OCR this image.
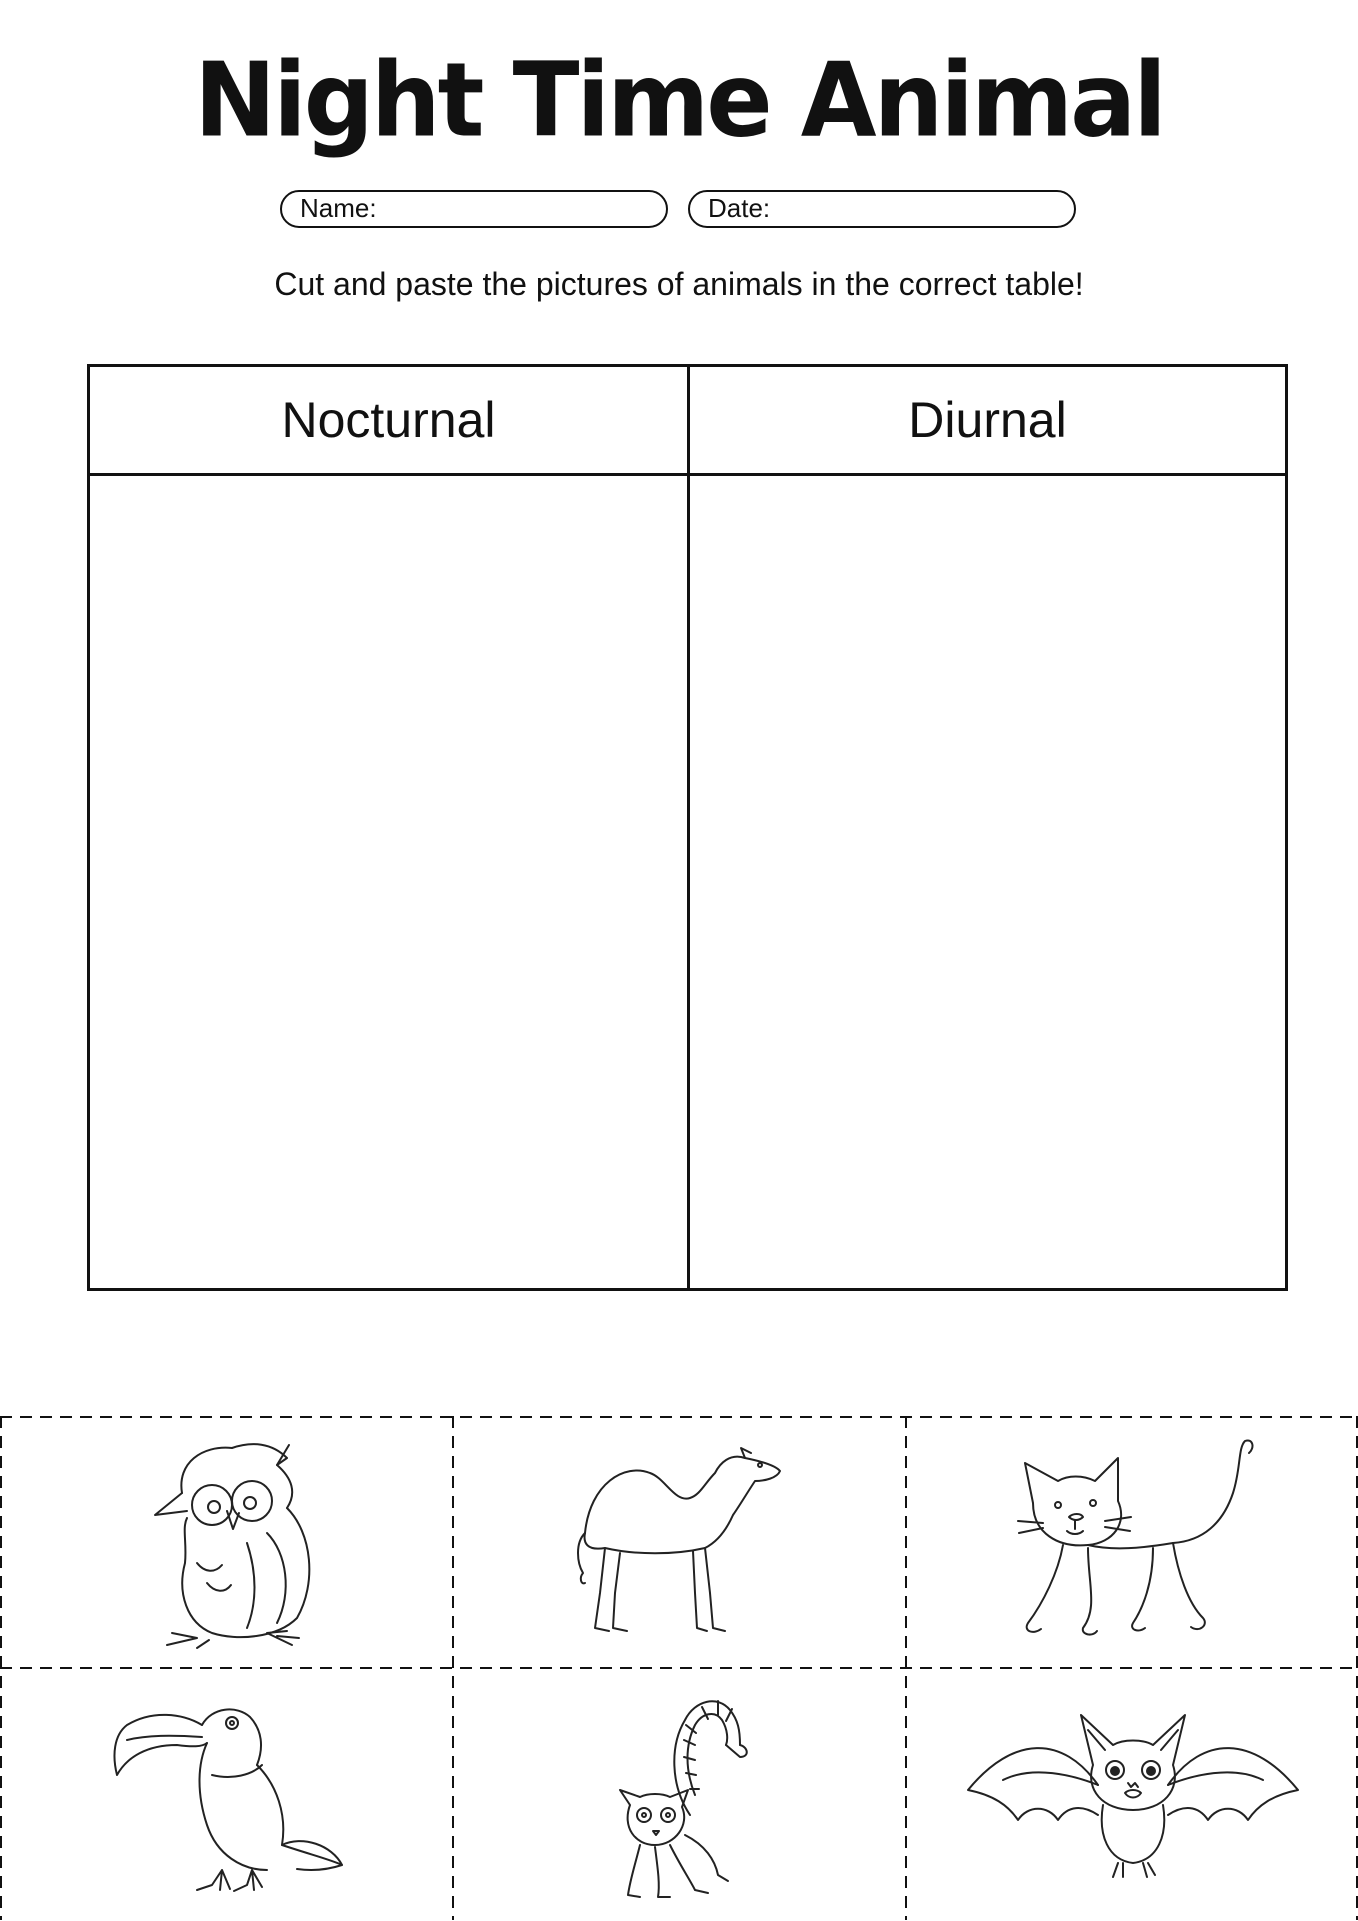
Night Time Animal
Name:	Date:
Cut and paste the pictures of animals in the correct table!
Nocturnal	Diurnal
